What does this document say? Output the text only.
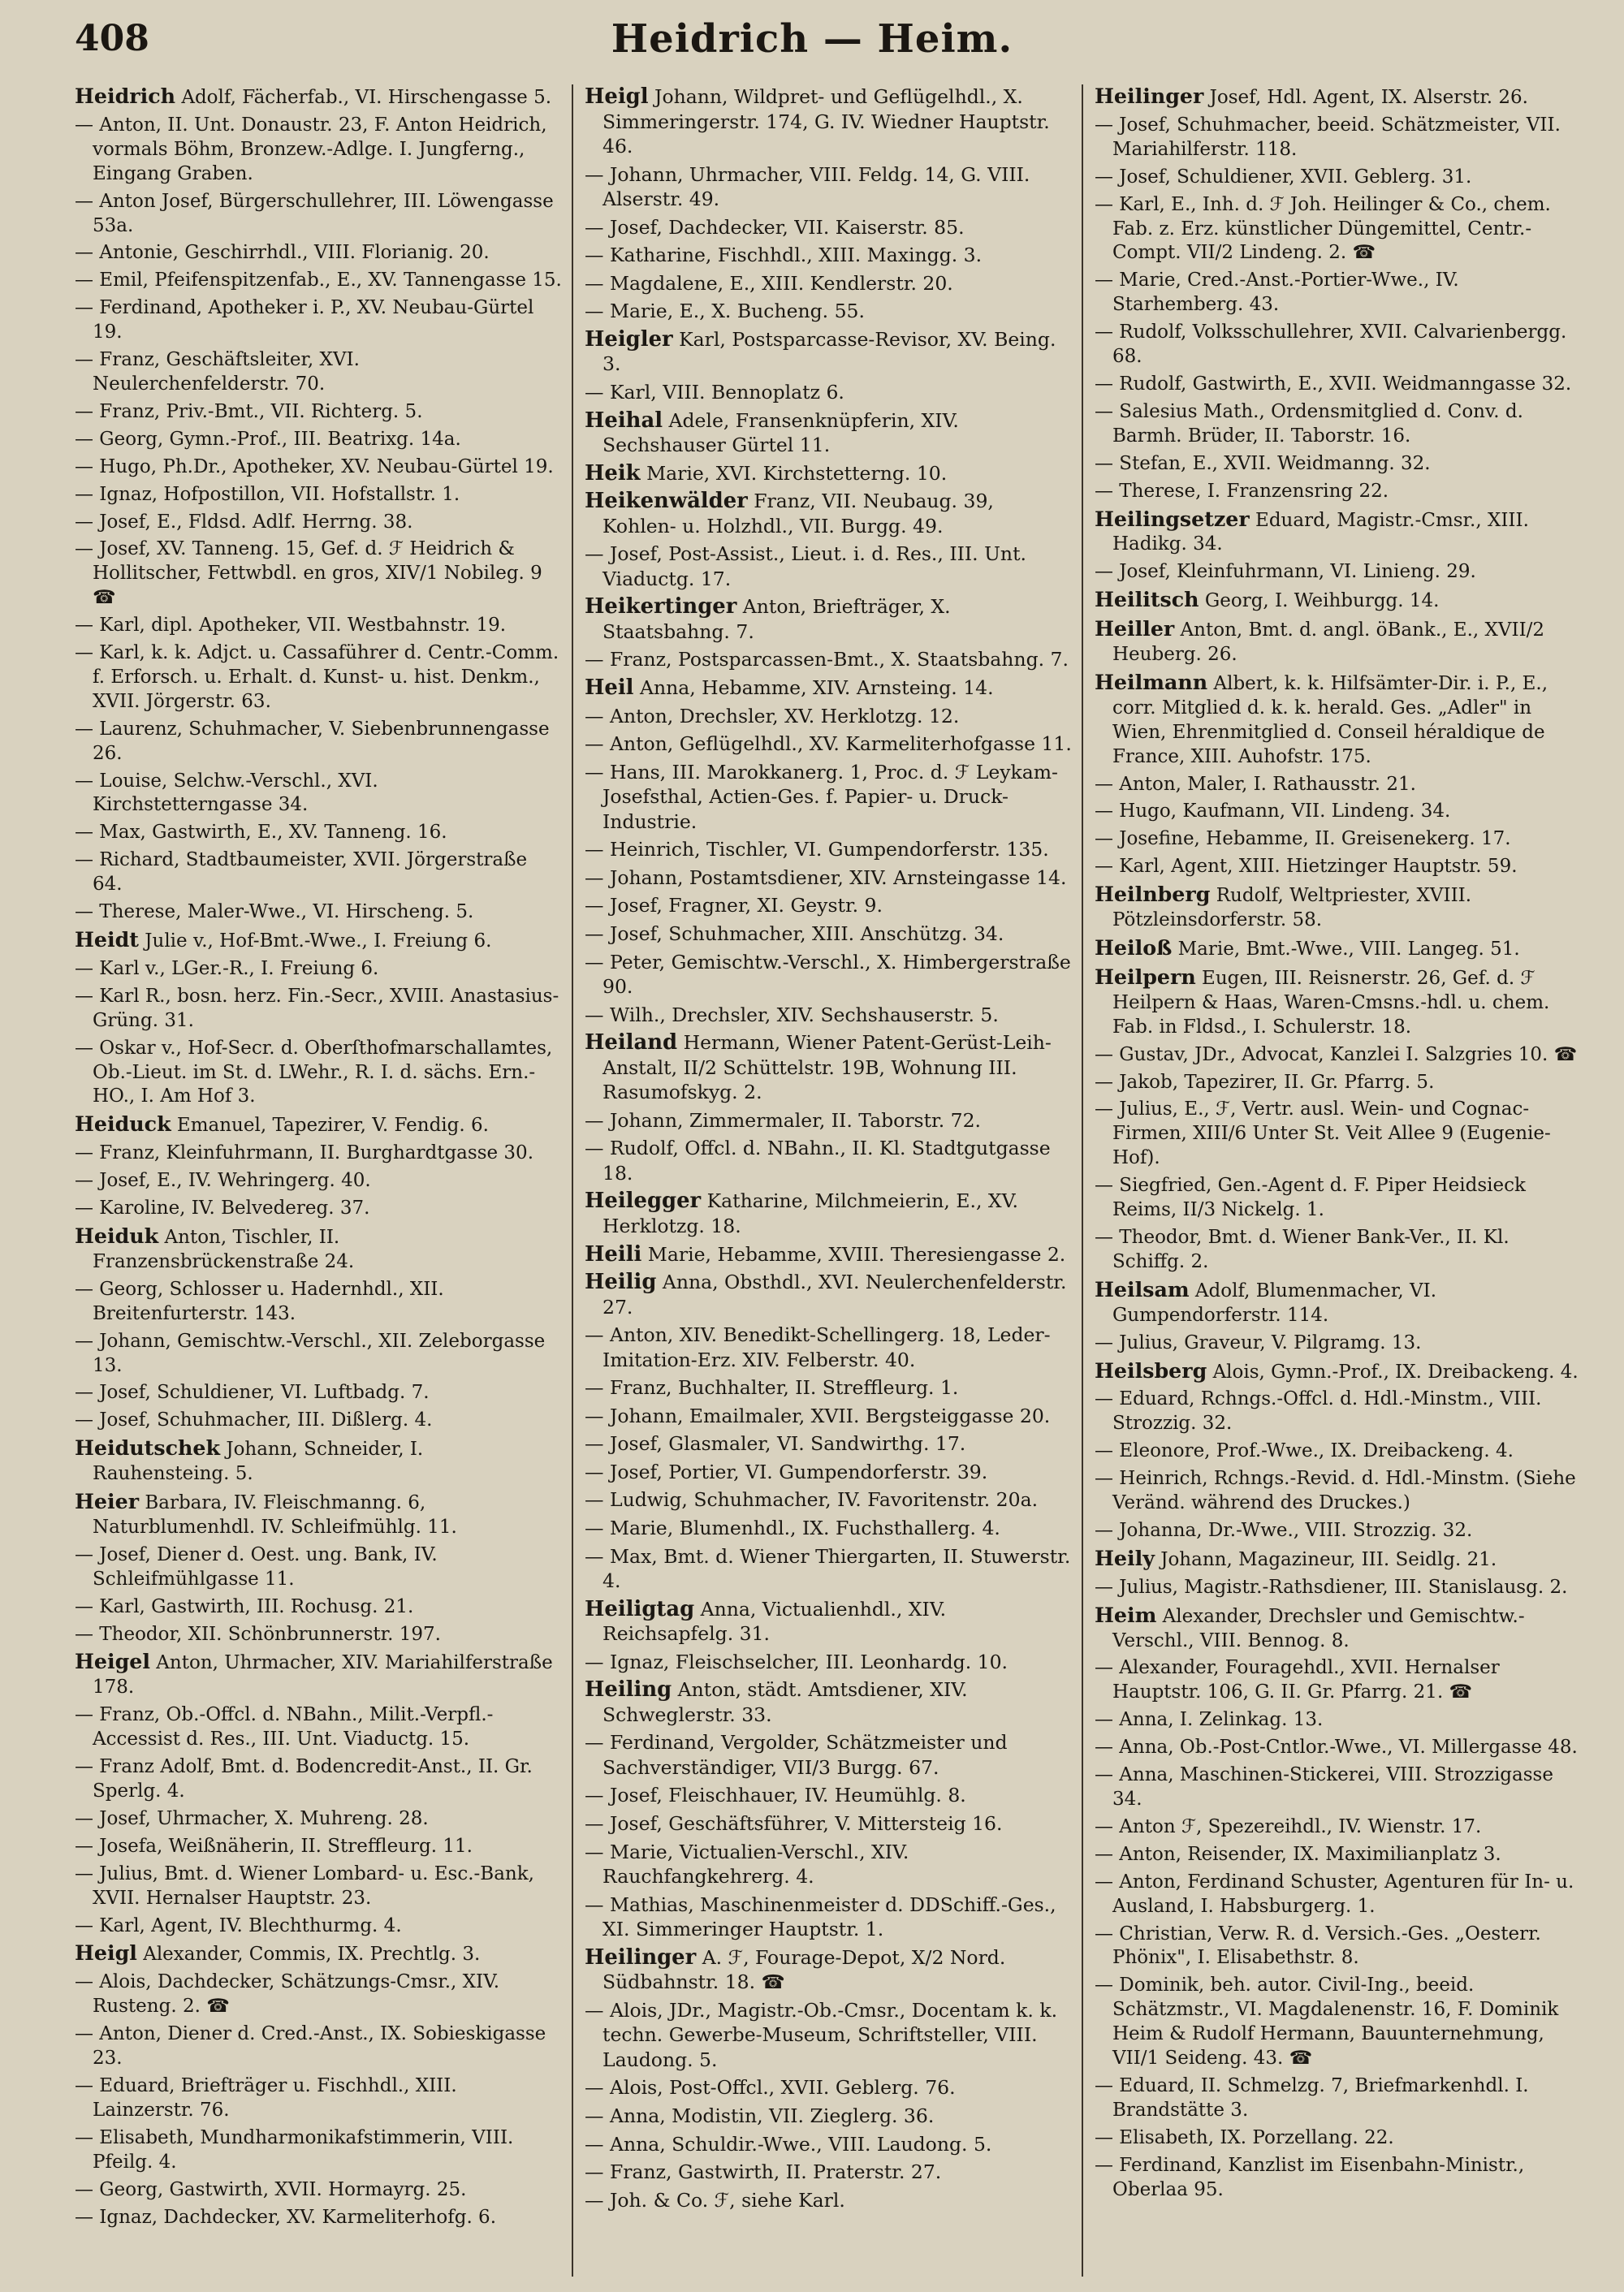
408	Heidrich — Heim.

Heidrich Adolf, Fächerfab., VI. Hirschengasse 5.

— Anton, II. Unt. Donaustr. 23, F. Anton Heidrich, vormals Böhm, Bronzew.-Adlge. I. Jungferng., Eingang Graben.

— Anton Josef, Bürgerschullehrer, III. Löwengasse 53a.

— Antonie, Geschirrhdl., VIII. Florianig. 20.

— Emil, Pfeifenspitzenfab., E., XV. Tannengasse 15.

— Ferdinand, Apotheker i. P., XV. Neubau-Gürtel 19.

— Franz, Geschäftsleiter, XVI. Neulerchenfelderstr. 70.

— Franz, Priv.-Bmt., VII. Richterg. 5.

— Georg, Gymn.-Prof., III. Beatrixg. 14a.

— Hugo, Ph.Dr., Apotheker, XV. Neubau-Gürtel 19.

— Ignaz, Hofpostillon, VII. Hofstallstr. 1.

— Josef, E., Fldsd. Adlf. Herrng. 38.

— Josef, XV. Tanneng. 15, Gef. d. ℱ Heidrich & Hollitscher, Fettwbdl. en gros, XIV/1 Nobileg. 9 ☎

— Karl, dipl. Apotheker, VII. Westbahnstr. 19.

— Karl, k. k. Adjct. u. Cassaführer d. Centr.-Comm. f. Erforsch. u. Erhalt. d. Kunst- u. hist. Denkm., XVII. Jörgerstr. 63.

— Laurenz, Schuhmacher, V. Siebenbrunnengasse 26.

— Louise, Selchw.-Verschl., XVI. Kirchstetterngasse 34.

— Max, Gastwirth, E., XV. Tanneng. 16.

— Richard, Stadtbaumeister, XVII. Jörgerstraße 64.

— Therese, Maler-Wwe., VI. Hirscheng. 5.

Heidt Julie v., Hof-Bmt.-Wwe., I. Freiung 6.

— Karl v., LGer.-R., I. Freiung 6.

— Karl R., bosn. herz. Fin.-Secr., XVIII. Anastasius-Grüng. 31.

— Oskar v., Hof-Secr. d. Oberſthofmarschallamtes, Ob.-Lieut. im St. d. LWehr., R. I. d. sächs. Ern.-HO., I. Am Hof 3.

Heiduck Emanuel, Tapezirer, V. Fendig. 6.

— Franz, Kleinfuhrmann, II. Burghardtgasse 30.

— Josef, E., IV. Wehringerg. 40.

— Karoline, IV. Belvedereg. 37.

Heiduk Anton, Tischler, II. Franzensbrückenstraße 24.

— Georg, Schlosser u. Hadernhdl., XII. Breitenfurterstr. 143.

— Johann, Gemischtw.-Verschl., XII. Zeleborgasse 13.

— Josef, Schuldiener, VI. Luftbadg. 7.

— Josef, Schuhmacher, III. Dißlerg. 4.

Heidutschek Johann, Schneider, I. Rauhensteing. 5.

Heier Barbara, IV. Fleischmanng. 6, Naturblumenhdl. IV. Schleifmühlg. 11.

— Josef, Diener d. Oest. ung. Bank, IV. Schleifmühlgasse 11.

— Karl, Gastwirth, III. Rochusg. 21.

— Theodor, XII. Schönbrunnerstr. 197.

Heigel Anton, Uhrmacher, XIV. Mariahilferstraße 178.

— Franz, Ob.-Offcl. d. NBahn., Milit.-Verpfl.-Accessist d. Res., III. Unt. Viaductg. 15.

— Franz Adolf, Bmt. d. Bodencredit-Anst., II. Gr. Sperlg. 4.

— Josef, Uhrmacher, X. Muhreng. 28.

— Josefa, Weißnäherin, II. Streffleurg. 11.

— Julius, Bmt. d. Wiener Lombard- u. Esc.-Bank, XVII. Hernalser Hauptstr. 23.

— Karl, Agent, IV. Blechthurmg. 4.

Heigl Alexander, Commis, IX. Prechtlg. 3.

— Alois, Dachdecker, Schätzungs-Cmsr., XIV. Rusteng. 2. ☎

— Anton, Diener d. Cred.-Anst., IX. Sobieskigasse 23.

— Eduard, Briefträger u. Fischhdl., XIII. Lainzerstr. 76.

— Elisabeth, Mundharmonikafstimmerin, VIII. Pfeilg. 4.

— Georg, Gastwirth, XVII. Hormayrg. 25.

— Ignaz, Dachdecker, XV. Karmeliterhofg. 6.

Heigl Johann, Wildpret- und Geflügelhdl., X. Simmeringerstr. 174, G. IV. Wiedner Hauptstr. 46.

— Johann, Uhrmacher, VIII. Feldg. 14, G. VIII. Alserstr. 49.

— Josef, Dachdecker, VII. Kaiserstr. 85.

— Katharine, Fischhdl., XIII. Maxingg. 3.

— Magdalene, E., XIII. Kendlerstr. 20.

— Marie, E., X. Bucheng. 55.

Heigler Karl, Postsparcasse-Revisor, XV. Being. 3.

— Karl, VIII. Bennoplatz 6.

Heihal Adele, Fransenknüpferin, XIV. Sechshauser Gürtel 11.

Heik Marie, XVI. Kirchstetterng. 10.

Heikenwälder Franz, VII. Neubaug. 39, Kohlen- u. Holzhdl., VII. Burgg. 49.

— Josef, Post-Assist., Lieut. i. d. Res., III. Unt. Viaductg. 17.

Heikertinger Anton, Briefträger, X. Staatsbahng. 7.

— Franz, Postsparcassen-Bmt., X. Staatsbahng. 7.

Heil Anna, Hebamme, XIV. Arnsteing. 14.

— Anton, Drechsler, XV. Herklotzg. 12.

— Anton, Geflügelhdl., XV. Karmeliterhofgasse 11.

— Hans, III. Marokkanerg. 1, Proc. d. ℱ Leykam-Josefsthal, Actien-Ges. f. Papier- u. Druck-Industrie.

— Heinrich, Tischler, VI. Gumpendorferstr. 135.

— Johann, Postamtsdiener, XIV. Arnsteingasse 14.

— Josef, Fragner, XI. Geystr. 9.

— Josef, Schuhmacher, XIII. Anschützg. 34.

— Peter, Gemischtw.-Verschl., X. Himbergerstraße 90.

— Wilh., Drechsler, XIV. Sechshauserstr. 5.

Heiland Hermann, Wiener Patent-Gerüst-Leih-Anstalt, II/2 Schüttelstr. 19B, Wohnung III. Rasumofskyg. 2.

— Johann, Zimmermaler, II. Taborstr. 72.

— Rudolf, Offcl. d. NBahn., II. Kl. Stadtgutgasse 18.

Heilegger Katharine, Milchmeierin, E., XV. Herklotzg. 18.

Heili Marie, Hebamme, XVIII. Theresiengasse 2.

Heilig Anna, Obsthdl., XVI. Neulerchenfelderstr. 27.

— Anton, XIV. Benedikt-Schellingerg. 18, Leder-Imitation-Erz. XIV. Felberstr. 40.

— Franz, Buchhalter, II. Streffleurg. 1.

— Johann, Emailmaler, XVII. Bergsteiggasse 20.

— Josef, Glasmaler, VI. Sandwirthg. 17.

— Josef, Portier, VI. Gumpendorferstr. 39.

— Ludwig, Schuhmacher, IV. Favoritenstr. 20a.

— Marie, Blumenhdl., IX. Fuchsthallerg. 4.

— Max, Bmt. d. Wiener Thiergarten, II. Stuwerstr. 4.

Heiligtag Anna, Victualienhdl., XIV. Reichsapfelg. 31.

— Ignaz, Fleischselcher, III. Leonhardg. 10.

Heiling Anton, städt. Amtsdiener, XIV. Schweglerstr. 33.

— Ferdinand, Vergolder, Schätzmeister und Sachverständiger, VII/3 Burgg. 67.

— Josef, Fleischhauer, IV. Heumühlg. 8.

— Josef, Geschäftsführer, V. Mittersteig 16.

— Marie, Victualien-Verschl., XIV. Rauchfangkehrerg. 4.

— Mathias, Maschinenmeister d. DDSchiff.-Ges., XI. Simmeringer Hauptstr. 1.

Heilinger A. ℱ, Fourage-Depot, X/2 Nord. Südbahnstr. 18. ☎

— Alois, JDr., Magistr.-Ob.-Cmsr., Docentam k. k. techn. Gewerbe-Museum, Schriftsteller, VIII. Laudong. 5.

— Alois, Post-Offcl., XVII. Geblerg. 76.

— Anna, Modistin, VII. Zieglerg. 36.

— Anna, Schuldir.-Wwe., VIII. Laudong. 5.

— Franz, Gastwirth, II. Praterstr. 27.

— Joh. & Co. ℱ, siehe Karl.

Heilinger Josef, Hdl. Agent, IX. Alserstr. 26.

— Josef, Schuhmacher, beeid. Schätzmeister, VII. Mariahilferstr. 118.

— Josef, Schuldiener, XVII. Geblerg. 31.

— Karl, E., Inh. d. ℱ Joh. Heilinger & Co., chem. Fab. z. Erz. künstlicher Düngemittel, Centr.-Compt. VII/2 Lindeng. 2. ☎

— Marie, Cred.-Anst.-Portier-Wwe., IV. Starhemberg. 43.

— Rudolf, Volksschullehrer, XVII. Calvarienbergg. 68.

— Rudolf, Gastwirth, E., XVII. Weidmanngasse 32.

— Salesius Math., Ordensmitglied d. Conv. d. Barmh. Brüder, II. Taborstr. 16.

— Stefan, E., XVII. Weidmanng. 32.

— Therese, I. Franzensring 22.

Heilingsetzer Eduard, Magistr.-Cmsr., XIII. Hadikg. 34.

— Josef, Kleinfuhrmann, VI. Linieng. 29.

Heilitsch Georg, I. Weihburgg. 14.

Heiller Anton, Bmt. d. angl. öBank., E., XVII/2 Heuberg. 26.

Heilmann Albert, k. k. Hilfsämter-Dir. i. P., E., corr. Mitglied d. k. k. herald. Ges. „Adler" in Wien, Ehrenmitglied d. Conseil héraldique de France, XIII. Auhofstr. 175.

— Anton, Maler, I. Rathausstr. 21.

— Hugo, Kaufmann, VII. Lindeng. 34.

— Josefine, Hebamme, II. Greisenekerg. 17.

— Karl, Agent, XIII. Hietzinger Hauptstr. 59.

Heilnberg Rudolf, Weltpriester, XVIII. Pötzleinsdorferstr. 58.

Heiloß Marie, Bmt.-Wwe., VIII. Langeg. 51.

Heilpern Eugen, III. Reisnerstr. 26, Gef. d. ℱ Heilpern & Haas, Waren-Cmsns.-hdl. u. chem. Fab. in Fldsd., I. Schulerstr. 18.

— Gustav, JDr., Advocat, Kanzlei I. Salzgries 10. ☎

— Jakob, Tapezirer, II. Gr. Pfarrg. 5.

— Julius, E., ℱ, Vertr. ausl. Wein- und Cognac-Firmen, XIII/6 Unter St. Veit Allee 9 (Eugenie-Hof).

— Siegfried, Gen.-Agent d. F. Piper Heidsieck Reims, II/3 Nickelg. 1.

— Theodor, Bmt. d. Wiener Bank-Ver., II. Kl. Schiffg. 2.

Heilsam Adolf, Blumenmacher, VI. Gumpendorferstr. 114.

— Julius, Graveur, V. Pilgramg. 13.

Heilsberg Alois, Gymn.-Prof., IX. Dreibackeng. 4.

— Eduard, Rchngs.-Offcl. d. Hdl.-Minstm., VIII. Strozzig. 32.

— Eleonore, Prof.-Wwe., IX. Dreibackeng. 4.

— Heinrich, Rchngs.-Revid. d. Hdl.-Minstm. (Siehe Veränd. während des Druckes.)

— Johanna, Dr.-Wwe., VIII. Strozzig. 32.

Heily Johann, Magazineur, III. Seidlg. 21.

— Julius, Magistr.-Rathsdiener, III. Stanislausg. 2.

Heim Alexander, Drechsler und Gemischtw.-Verschl., VIII. Bennog. 8.

— Alexander, Fouragehdl., XVII. Hernalser Hauptstr. 106, G. II. Gr. Pfarrg. 21. ☎

— Anna, I. Zelinkag. 13.

— Anna, Ob.-Post-Cntlor.-Wwe., VI. Millergasse 48.

— Anna, Maschinen-Stickerei, VIII. Strozzigasse 34.

— Anton ℱ, Spezereihdl., IV. Wienstr. 17.

— Anton, Reisender, IX. Maximilianplatz 3.

— Anton, Ferdinand Schuster, Agenturen für In- u. Ausland, I. Habsburgerg. 1.

— Christian, Verw. R. d. Versich.-Ges. „Oesterr. Phönix", I. Elisabethstr. 8.

— Dominik, beh. autor. Civil-Ing., beeid. Schätzmstr., VI. Magdalenenstr. 16, F. Dominik Heim & Rudolf Hermann, Bauunternehmung, VII/1 Seideng. 43. ☎

— Eduard, II. Schmelzg. 7, Briefmarkenhdl. I. Brandstätte 3.

— Elisabeth, IX. Porzellang. 22.

— Ferdinand, Kanzlist im Eisenbahn-Ministr., Oberlaa 95.
